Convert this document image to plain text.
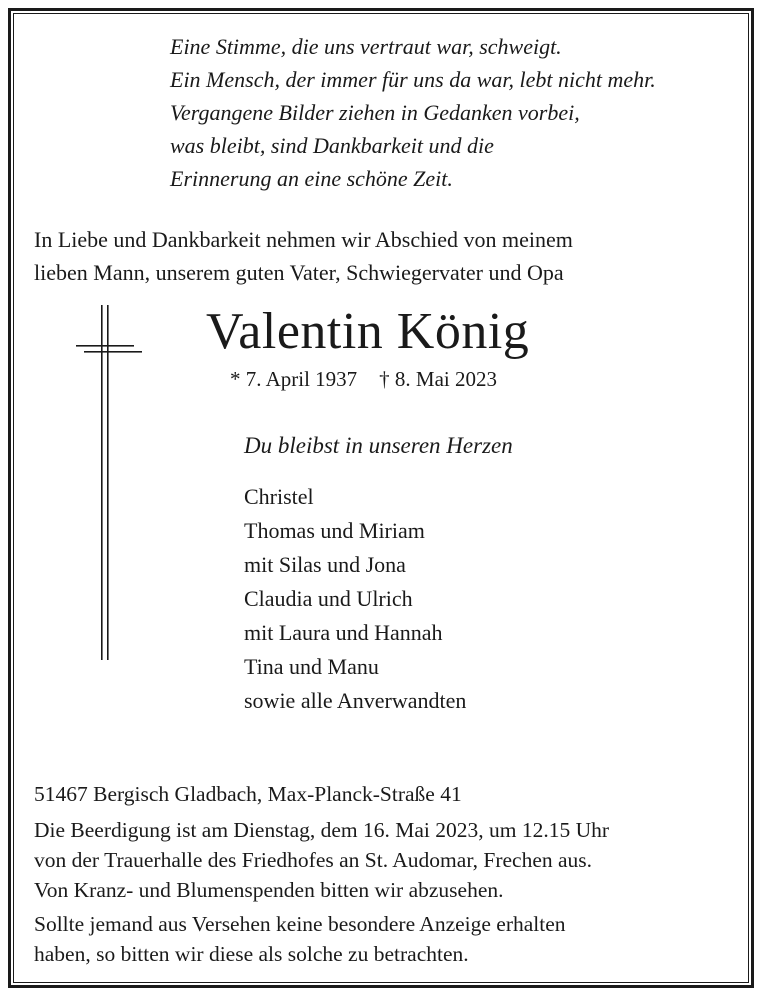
Eine Stimme, die uns vertraut war, schweigt.
Ein Mensch, der immer für uns da war, lebt nicht mehr.
Vergangene Bilder ziehen in Gedanken vorbei,
was bleibt, sind Dankbarkeit und die
Erinnerung an eine schöne Zeit.
In Liebe und Dankbarkeit nehmen wir Abschied von meinem
lieben Mann, unserem guten Vater, Schwiegervater und Opa
Valentin König
* 7. April 1937 † 8. Mai 2023
Du bleibst in unseren Herzen
Christel
Thomas und Miriam
mit Silas und Jona
Claudia und Ulrich
mit Laura und Hannah
Tina und Manu
sowie alle Anverwandten
51467 Bergisch Gladbach, Max-Planck-Straße 41
Die Beerdigung ist am Dienstag, dem 16. Mai 2023, um 12.15 Uhr
von der Trauerhalle des Friedhofes an St. Audomar, Frechen aus.
Von Kranz- und Blumenspenden bitten wir abzusehen.
Sollte jemand aus Versehen keine besondere Anzeige erhalten
haben, so bitten wir diese als solche zu betrachten.
